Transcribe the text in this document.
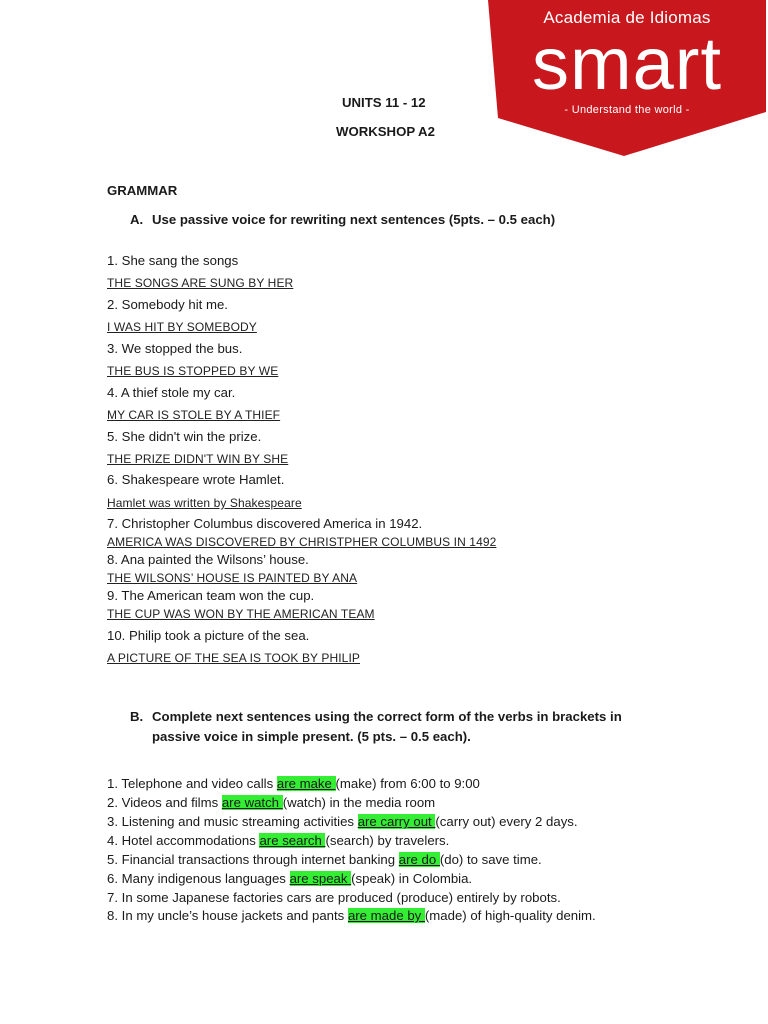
Academia de Idiomas
smart
- Understand the world -
UNITS 11 - 12
WORKSHOP A2
GRAMMAR
A. Use passive voice for rewriting next sentences (5pts. – 0.5 each)
1. She sang the songs
THE SONGS ARE SUNG BY HER
2. Somebody hit me.
I WAS HIT BY SOMEBODY
3. We stopped the bus.
THE BUS IS STOPPED BY WE
4. A thief stole my car.
MY CAR IS STOLE BY A THIEF
5. She didn't win the prize.
THE PRIZE DIDN'T WIN BY SHE
6. Shakespeare wrote Hamlet.
Hamlet was written by Shakespeare
7. Christopher Columbus discovered America in 1942.
AMERICA WAS DISCOVERED BY CHRISTPHER COLUMBUS IN 1492
8. Ana painted the Wilsons’ house.
THE WILSONS’ HOUSE IS PAINTED BY ANA
9. The American team won the cup.
THE CUP WAS WON BY THE AMERICAN TEAM
10. Philip took a picture of the sea.
A PICTURE OF THE SEA IS TOOK BY PHILIP
B. Complete next sentences using the correct form of the verbs in brackets in
passive voice in simple present. (5 pts. – 0.5 each).
1. Telephone and video calls are make (make) from 6:00 to 9:00
2. Videos and films are watch (watch) in the media room
3. Listening and music streaming activities are carry out (carry out) every 2 days.
4. Hotel accommodations are search (search) by travelers.
5. Financial transactions through internet banking are do (do) to save time.
6. Many indigenous languages are speak (speak) in Colombia.
7. In some Japanese factories cars are produced (produce) entirely by robots.
8. In my uncle’s house jackets and pants are made by (made) of high-quality denim.
